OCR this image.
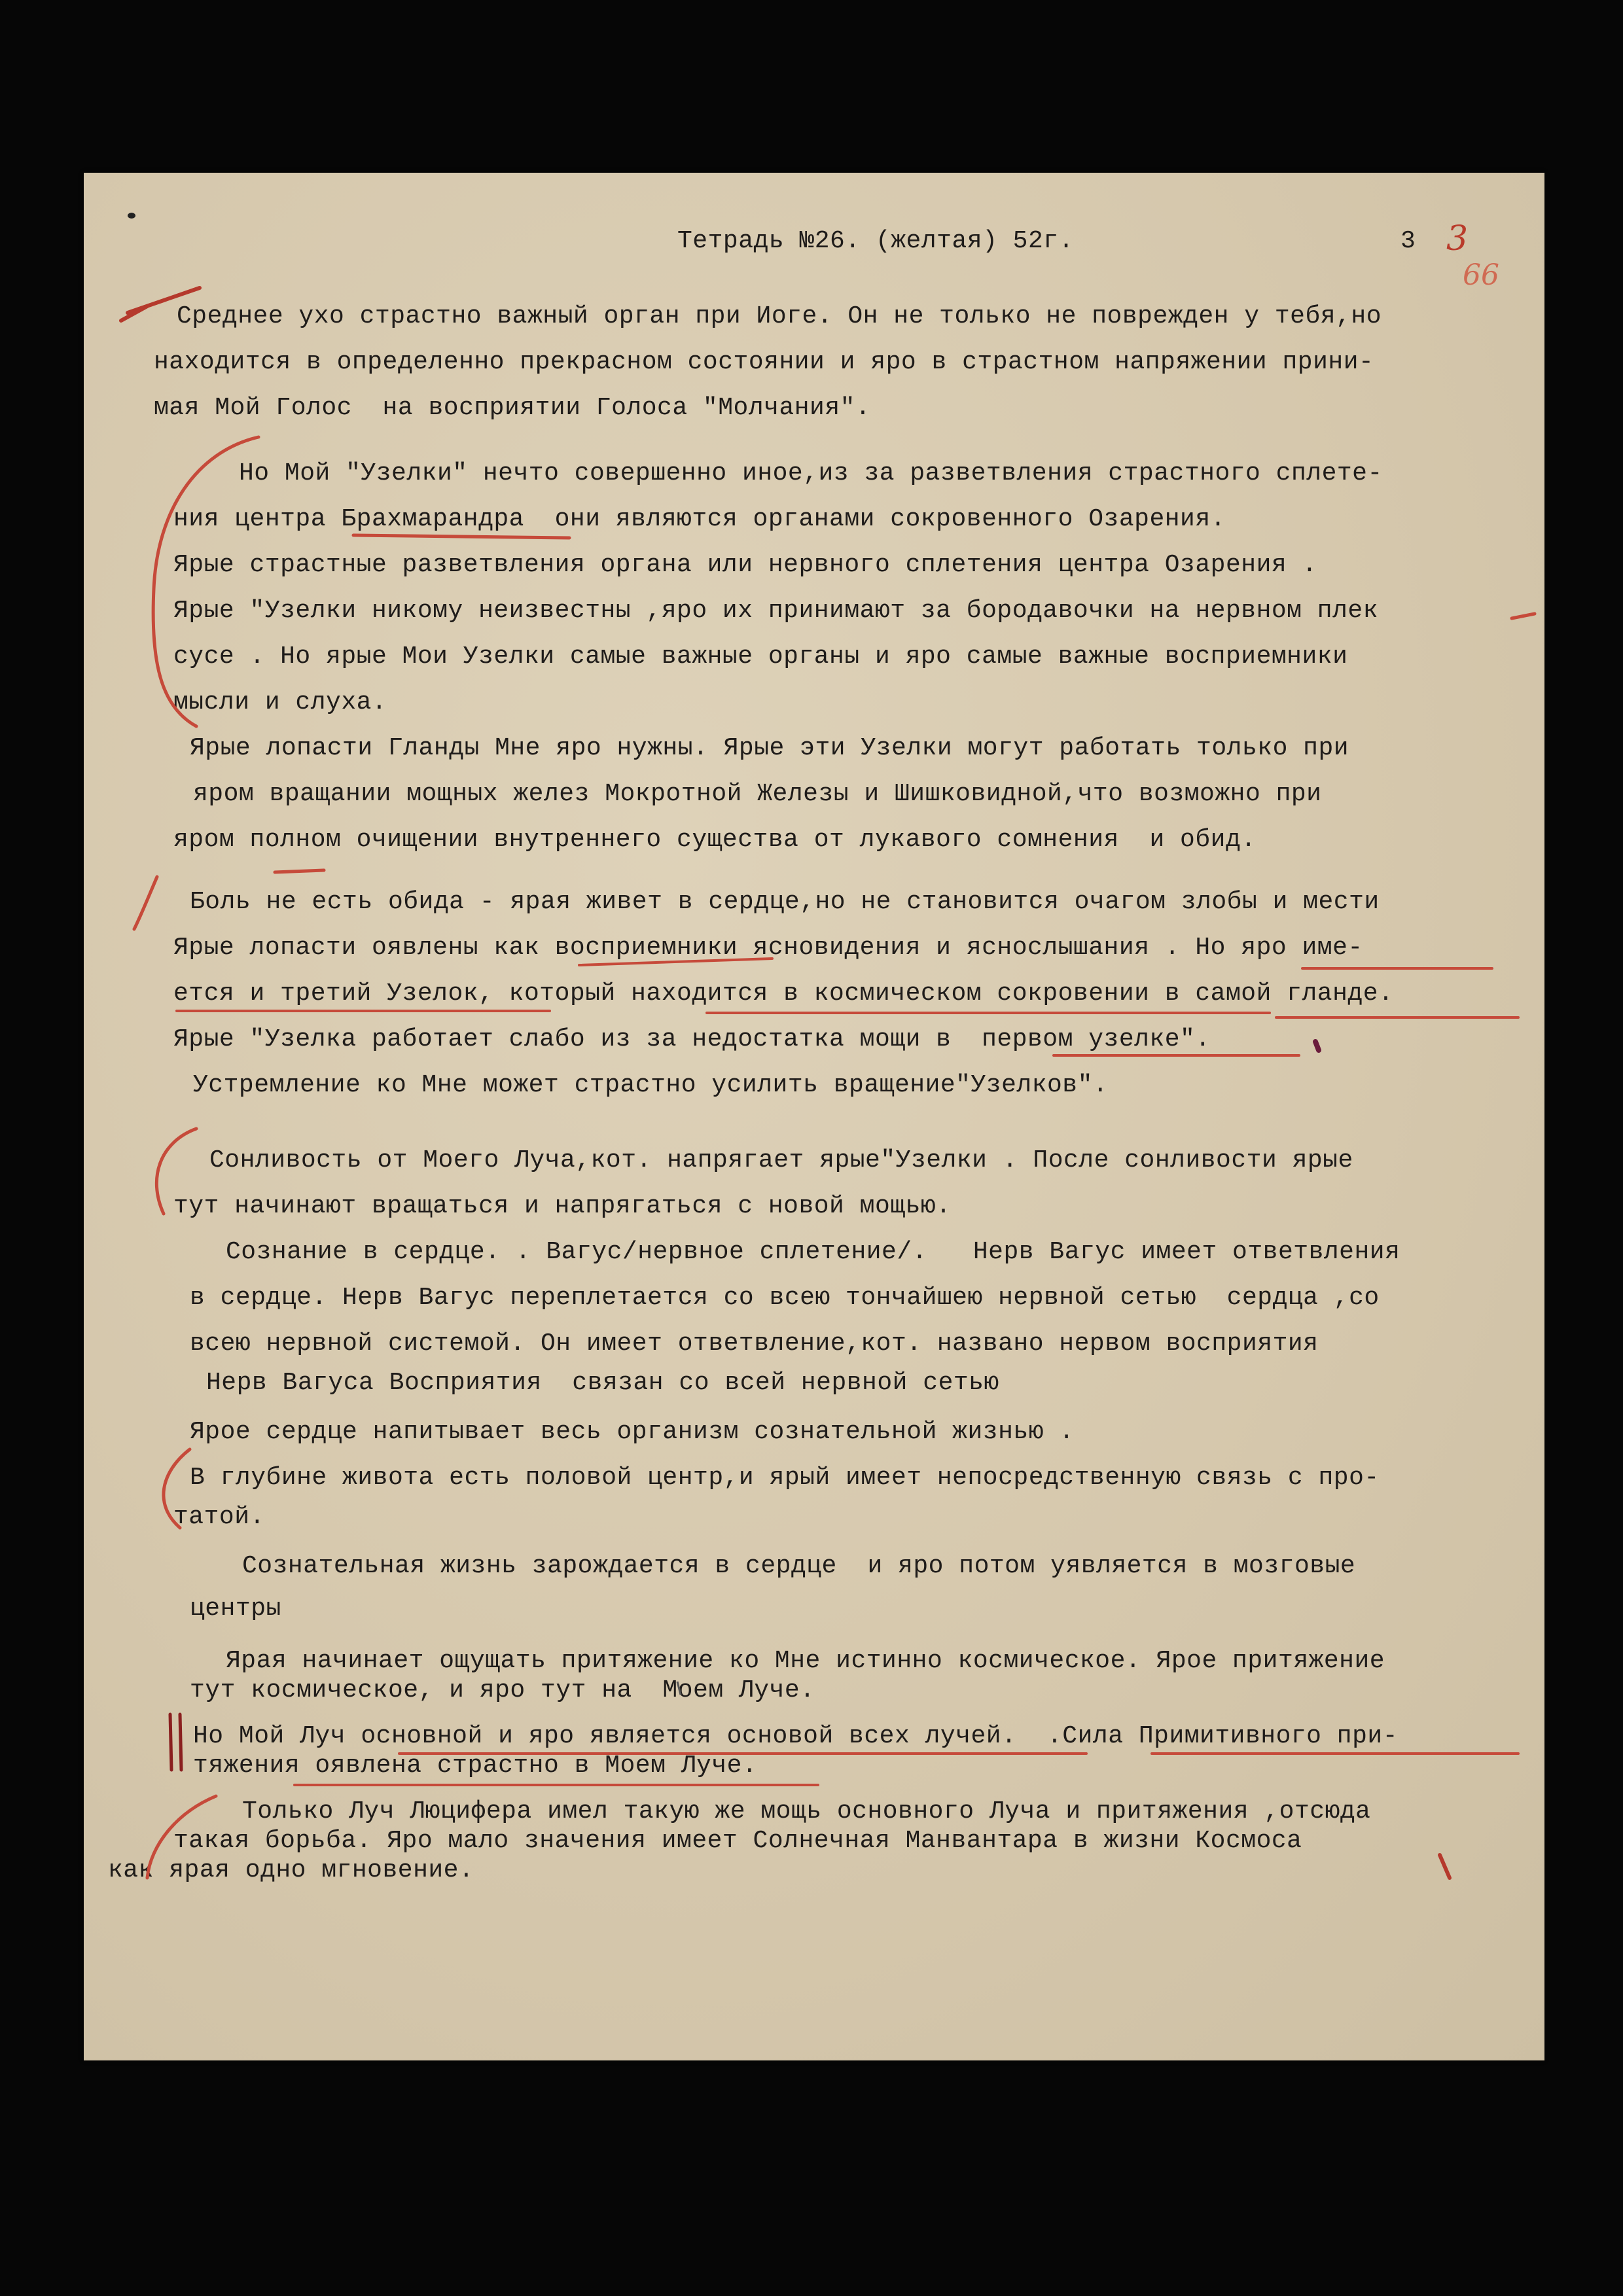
Тетрадь №26. (желтая) 52г.	3 3
66
Среднее ухо страстно важный орган при Иоге. Он не только не поврежден у тебя,но
находится в определенно прекрасном состоянии и яро в страстном напряжении прини-
мая Мой Голос  на восприятии Голоса "Молчания".
Но Мой "Узелки" нечто совершенно иное,из за разветвления страстного сплете-
ния центра Брахмарандра  они являются органами сокровенного Озарения.
Ярые страстные разветвления органа или нервного сплетения центра Озарения .
Ярые "Узелки никому неизвестны ,яро их принимают за бородавочки на нервном плек
сусе . Но ярые Мои Узелки самые важные органы и яро самые важные восприемники
мысли и слуха.
Ярые лопасти Гланды Мне яро нужны. Ярые эти Узелки могут работать только при
яром вращании мощных желез Мокротной Железы и Шишковидной,что возможно при
яром полном очищении внутреннего существа от лукавого сомнения  и обид.
Боль не есть обида - ярая живет в сердце,но не становится очагом злобы и мести
Ярые лопасти оявлены как восприемники ясновидения и яснослышания . Но яро име-
ется и третий Узелок, который находится в космическом сокровении в самой гланде.
Ярые "Узелка работает слабо из за недостатка мощи в  первом узелке".
Устремление ко Мне может страстно усилить вращение"Узелков".
Сонливость от Моего Луча,кот. напрягает ярые"Узелки . После сонливости ярые
тут начинают вращаться и напрягаться с новой мощью.
Сознание в сердце. . Вагус/нервное сплетение/.   Нерв Вагус имеет ответвления
в сердце. Нерв Вагус переплетается со всею тончайшею нервной сетью  сердца ,со
всею нервной системой. Он имеет ответвление,кот. названо нервом восприятия
Нерв Вагуса Восприятия  связан со всей нервной сетью
Ярое сердце напитывает весь организм сознательной жизнью .
В глубине живота есть половой центр,и ярый имеет непосредственную связь с про-
татой.
Сознательная жизнь зарождается в сердце  и яро потом уявляется в мозговые
центры
Ярая начинает ощущать притяжение ко Мне истинно космическое. Ярое притяжение
тут космическое, и яро тут на  Моем Луче.
Но Мой Луч основной и яро является основой всех лучей.  .Сила Примитивного при-
тяжения оявлена страстно в Моем Луче.
Только Луч Люцифера имел такую же мощь основного Луча и притяжения ,отсюда
такая борьба. Яро мало значения имеет Солнечная Манвантара в жизни Космоса
как ярая одно мгновение.
